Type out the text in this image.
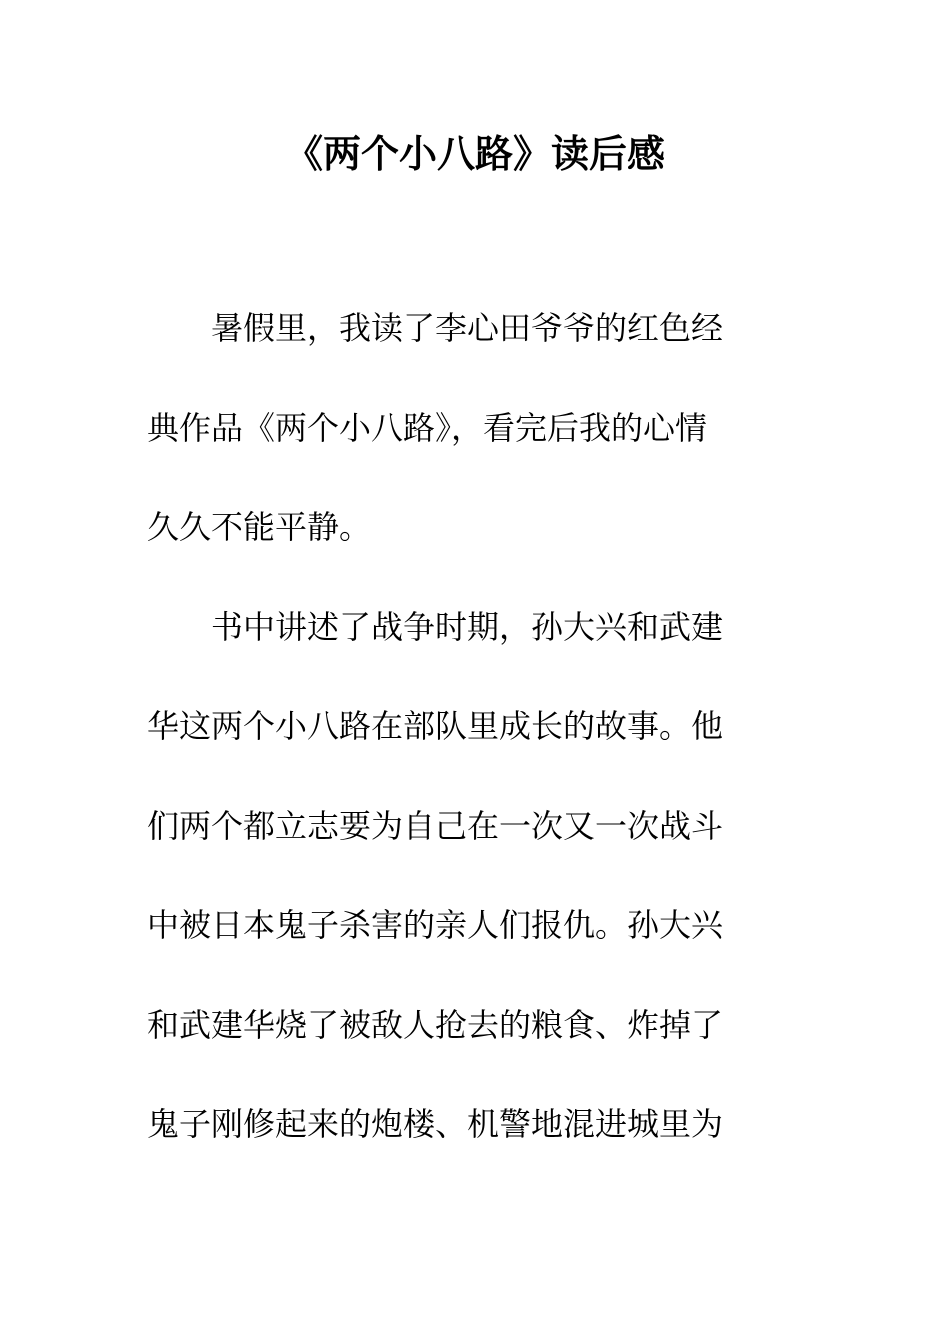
《两个小八路》读后感
暑假里，我读了李心田爷爷的红色经
典作品《两个小八路》，看完后我的心情
久久不能平静。
书中讲述了战争时期，孙大兴和武建
华这两个小八路在部队里成长的故事。他
们两个都立志要为自己在一次又一次战斗
中被日本鬼子杀害的亲人们报仇。孙大兴
和武建华烧了被敌人抢去的粮食、炸掉了
鬼子刚修起来的炮楼、机警地混进城里为
